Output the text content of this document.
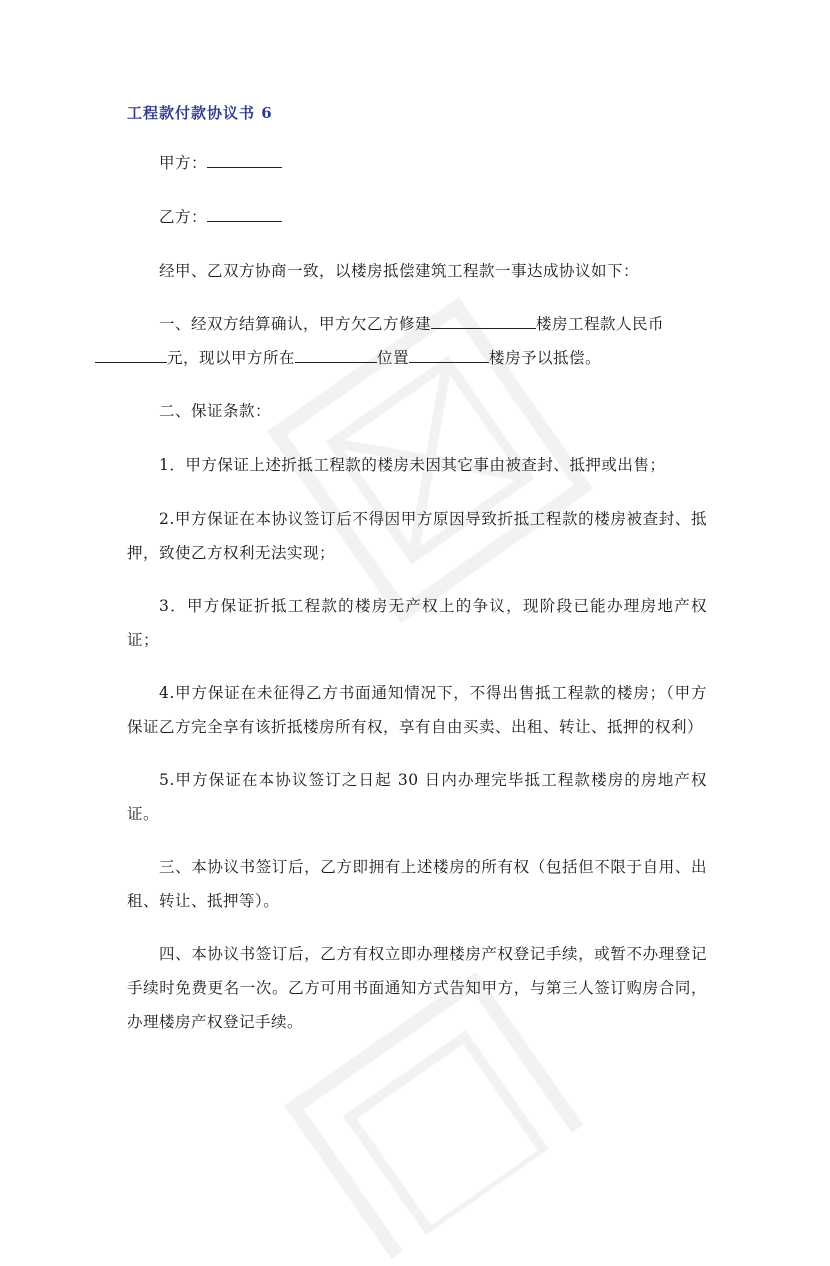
工程款付款协议书 6

甲方：

乙方：

经甲、乙双方协商一致，以楼房抵偿建筑工程款一事达成协议如下：

一、经双方结算确认，甲方欠乙方修建	楼房工程款人民币
元，现以甲方所在	位置	楼房予以抵偿。

二、保证条款：

1．甲方保证上述折抵工程款的楼房未因其它事由被查封、抵押或出售；

2.甲方保证在本协议签订后不得因甲方原因导致折抵工程款的楼房被查封、抵押，致使乙方权利无法实现；

3．甲方保证折抵工程款的楼房无产权上的争议，现阶段已能办理房地产权证；

4.甲方保证在未征得乙方书面通知情况下，不得出售抵工程款的楼房；（甲方保证乙方完全享有该折抵楼房所有权，享有自由买卖、出租、转让、抵押的权利）

5.甲方保证在本协议签订之日起 30 日内办理完毕抵工程款楼房的房地产权证。

三、本协议书签订后，乙方即拥有上述楼房的所有权（包括但不限于自用、出租、转让、抵押等）。

四、本协议书签订后，乙方有权立即办理楼房产权登记手续，或暂不办理登记手续时免费更名一次。乙方可用书面通知方式告知甲方，与第三人签订购房合同，办理楼房产权登记手续。
